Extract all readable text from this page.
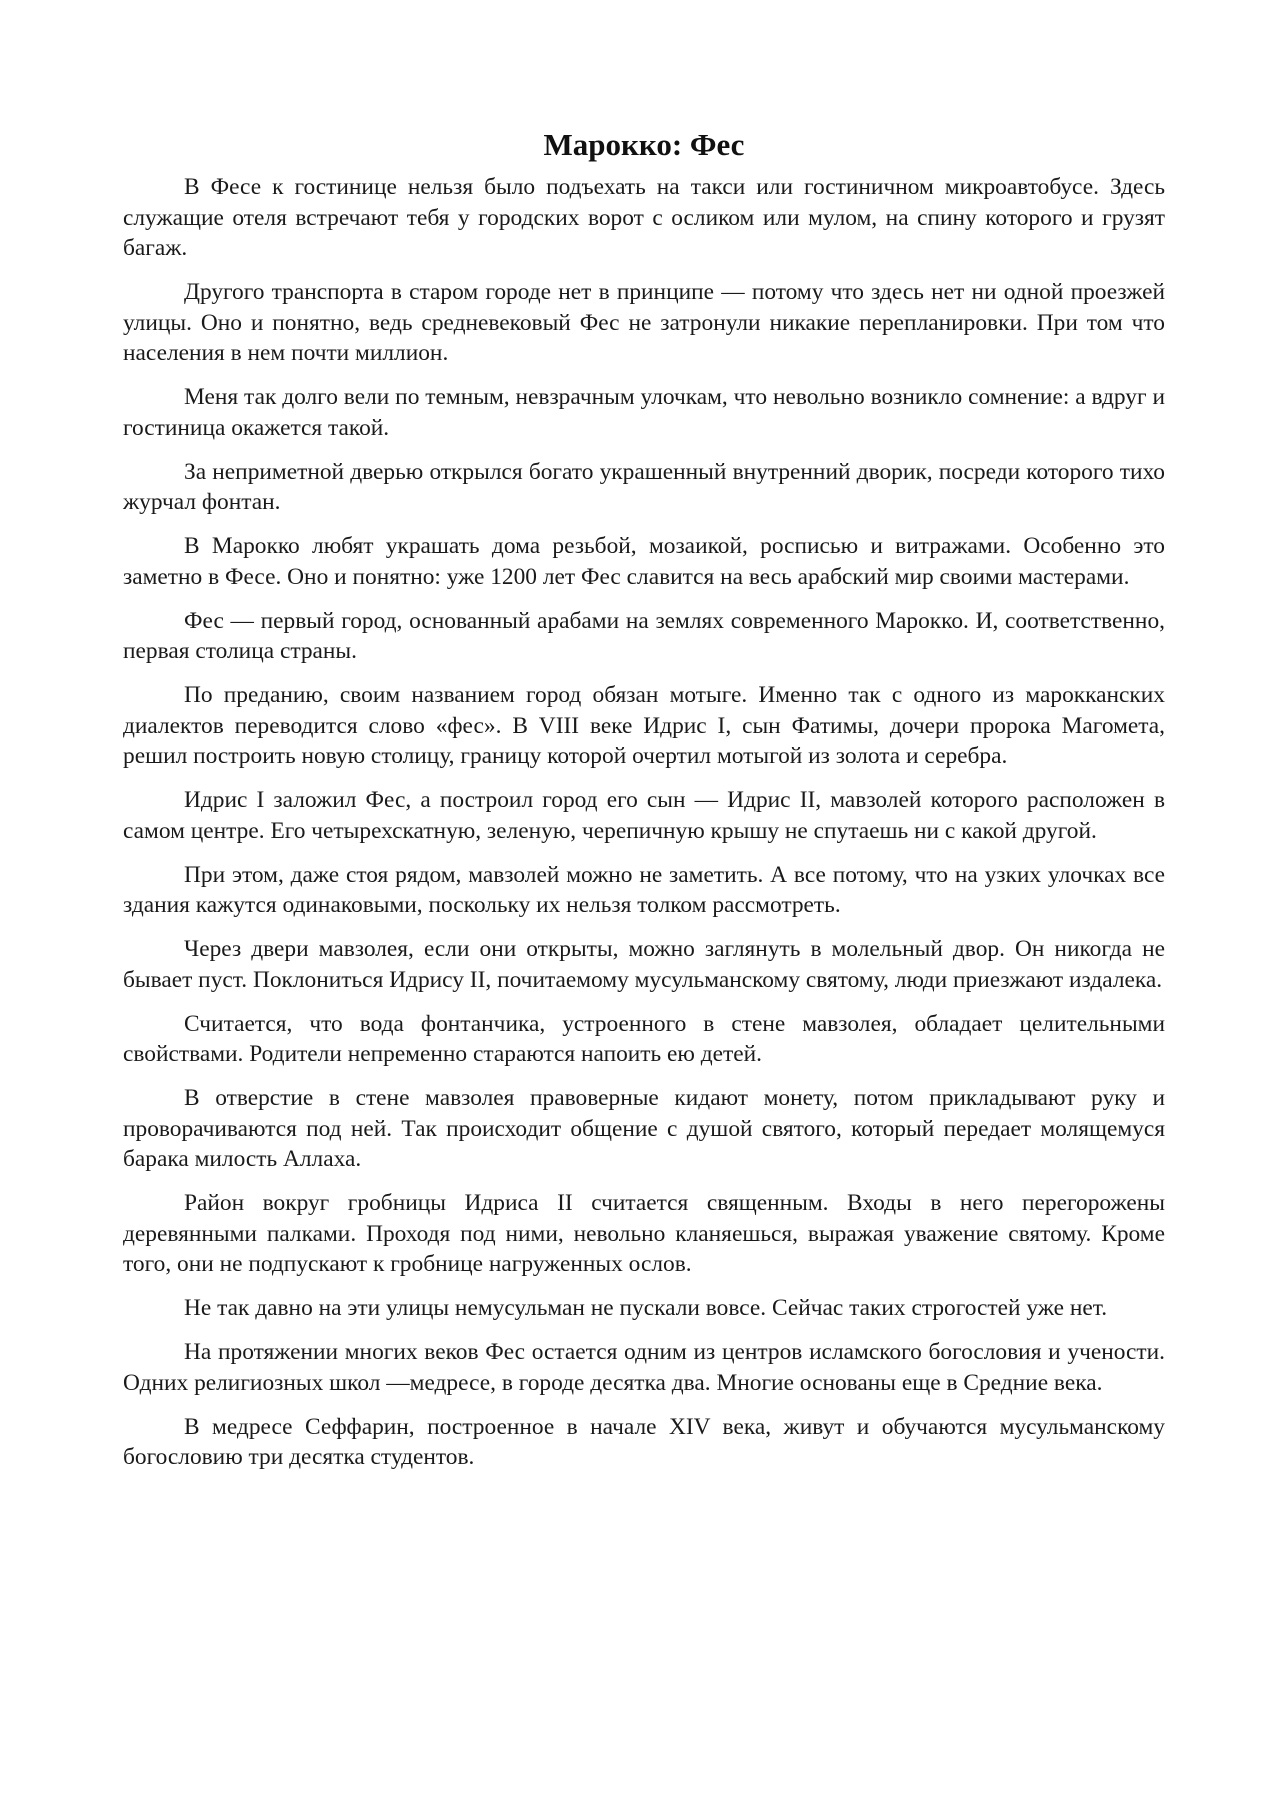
Марокко: Фес

В Фесе к гостинице нельзя было подъехать на такси или гостиничном микроавтобусе. Здесь служащие отеля встречают тебя у городских ворот с осликом или мулом, на спину которого и грузят багаж.

Другого транспорта в старом городе нет в принципе — потому что здесь нет ни одной проезжей улицы. Оно и понятно, ведь средневековый Фес не затронули никакие перепланировки. При том что населения в нем почти миллион.

Меня так долго вели по темным, невзрачным улочкам, что невольно возникло сомнение: а вдруг и гостиница окажется такой.

За неприметной дверью открылся богато украшенный внутренний дворик, посреди которого тихо журчал фонтан.

В Марокко любят украшать дома резьбой, мозаикой, росписью и витражами. Особенно это заметно в Фесе. Оно и понятно: уже 1200 лет Фес славится на весь арабский мир своими мастерами.

Фес — первый город, основанный арабами на землях современного Марокко. И, соответственно, первая столица страны.

По преданию, своим названием город обязан мотыге. Именно так с одного из марокканских диалектов переводится слово «фес». В VIII веке Идрис I, сын Фатимы, дочери пророка Магомета, решил построить новую столицу, границу которой очертил мотыгой из золота и серебра.

Идрис I заложил Фес, а построил город его сын — Идрис II, мавзолей которого расположен в самом центре. Его четырехскатную, зеленую, черепичную крышу не спутаешь ни с какой другой.

При этом, даже стоя рядом, мавзолей можно не заметить. А все потому, что на узких улочках все здания кажутся одинаковыми, поскольку их нельзя толком рассмотреть.

Через двери мавзолея, если они открыты, можно заглянуть в молельный двор. Он никогда не бывает пуст. Поклониться Идрису II, почитаемому мусульманскому святому, люди приезжают издалека.

Считается, что вода фонтанчика, устроенного в стене мавзолея, обладает целительными свойствами. Родители непременно стараются напоить ею детей.

В отверстие в стене мавзолея правоверные кидают монету, потом прикладывают руку и проворачиваются под ней. Так происходит общение с душой святого, который передает молящемуся барака милость Аллаха.

Район вокруг гробницы Идриса II считается священным. Входы в него перегорожены деревянными палками. Проходя под ними, невольно кланяешься, выражая уважение святому. Кроме того, они не подпускают к гробнице нагруженных ослов.

Не так давно на эти улицы немусульман не пускали вовсе. Сейчас таких строгостей уже нет.

На протяжении многих веков Фес остается одним из центров исламского богословия и учености. Одних религиозных школ —медресе, в городе десятка два. Многие основаны еще в Средние века.

В медресе Сеффарин, построенное в начале XIV века, живут и обучаются мусульманскому богословию три десятка студентов.
